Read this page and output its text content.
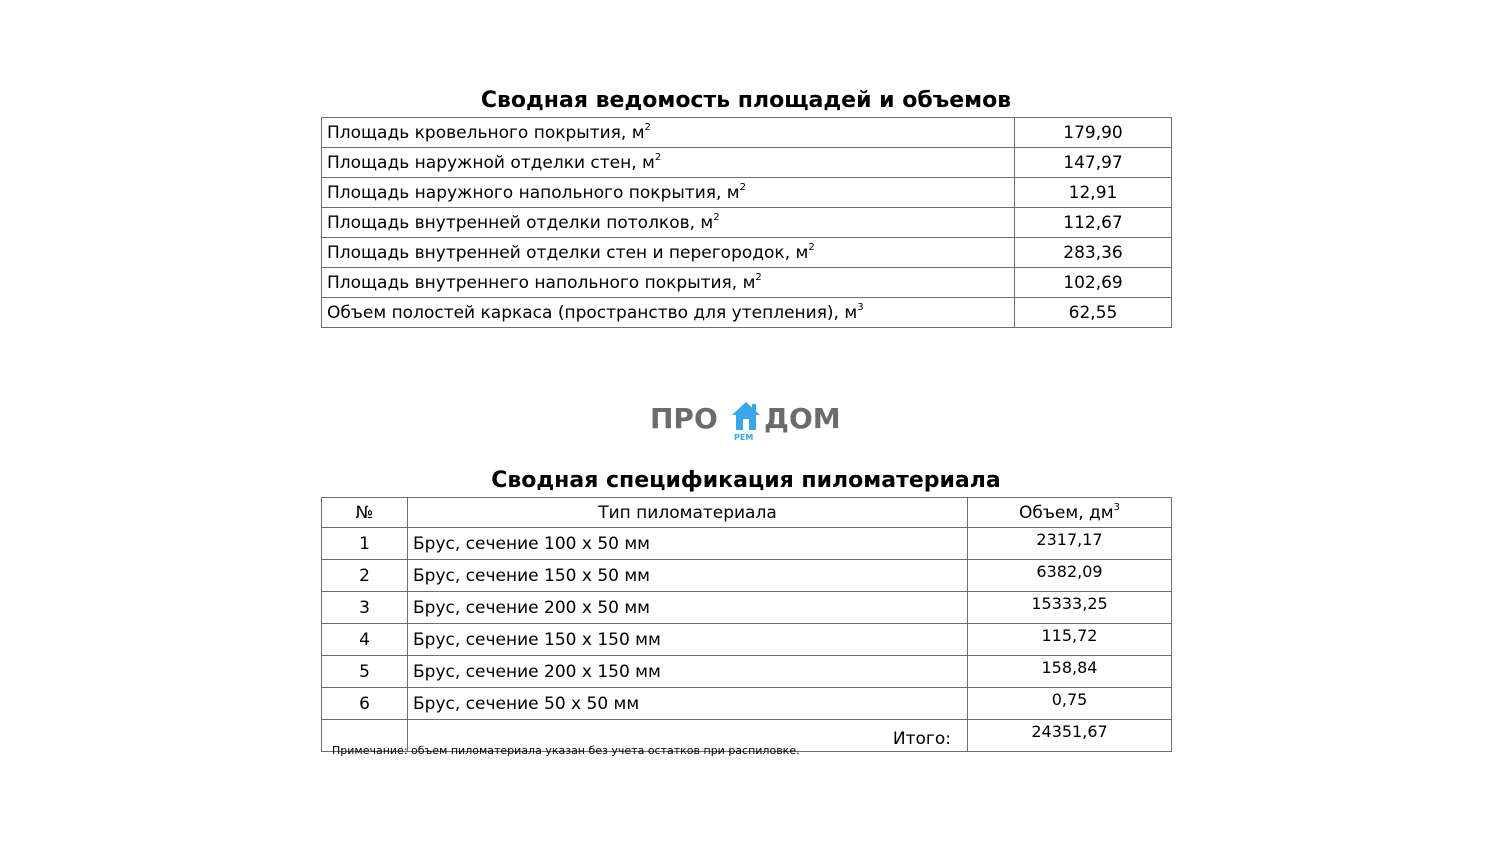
Сводная ведомость площадей и объемов
Площадь кровельного покрытия, $м^2$	179,90
Площадь наружной отделки стен, $м^2$	147,97
Площадь наружного напольного покрытия, $м^2$	12,91
Площадь внутренней отделки потолков, $м^2$	112,67
Площадь внутренней отделки стен и перегородок, $м^2$	283,36
Площадь внутреннего напольного покрытия, $м^2$	102,69
Объем полостей каркаса (пространство для утепления), $м^3$	62,55
ПРО
РЕМ
ДОМ
Сводная спецификация пиломатериала
№	Тип пиломатериала	Объем, $дм^3$
1	Брус, сечение 100 х 50 мм	2317,17
2	Брус, сечение 150 х 50 мм	6382,09
3	Брус, сечение 200 х 50 мм	15333,25
4	Брус, сечение 150 х 150 мм	115,72
5	Брус, сечение 200 х 150 мм	158,84
6	Брус, сечение 50 х 50 мм	0,75
	Итого:	24351,67
Примечание: объем пиломатериала указан без учета остатков при распиловке.
